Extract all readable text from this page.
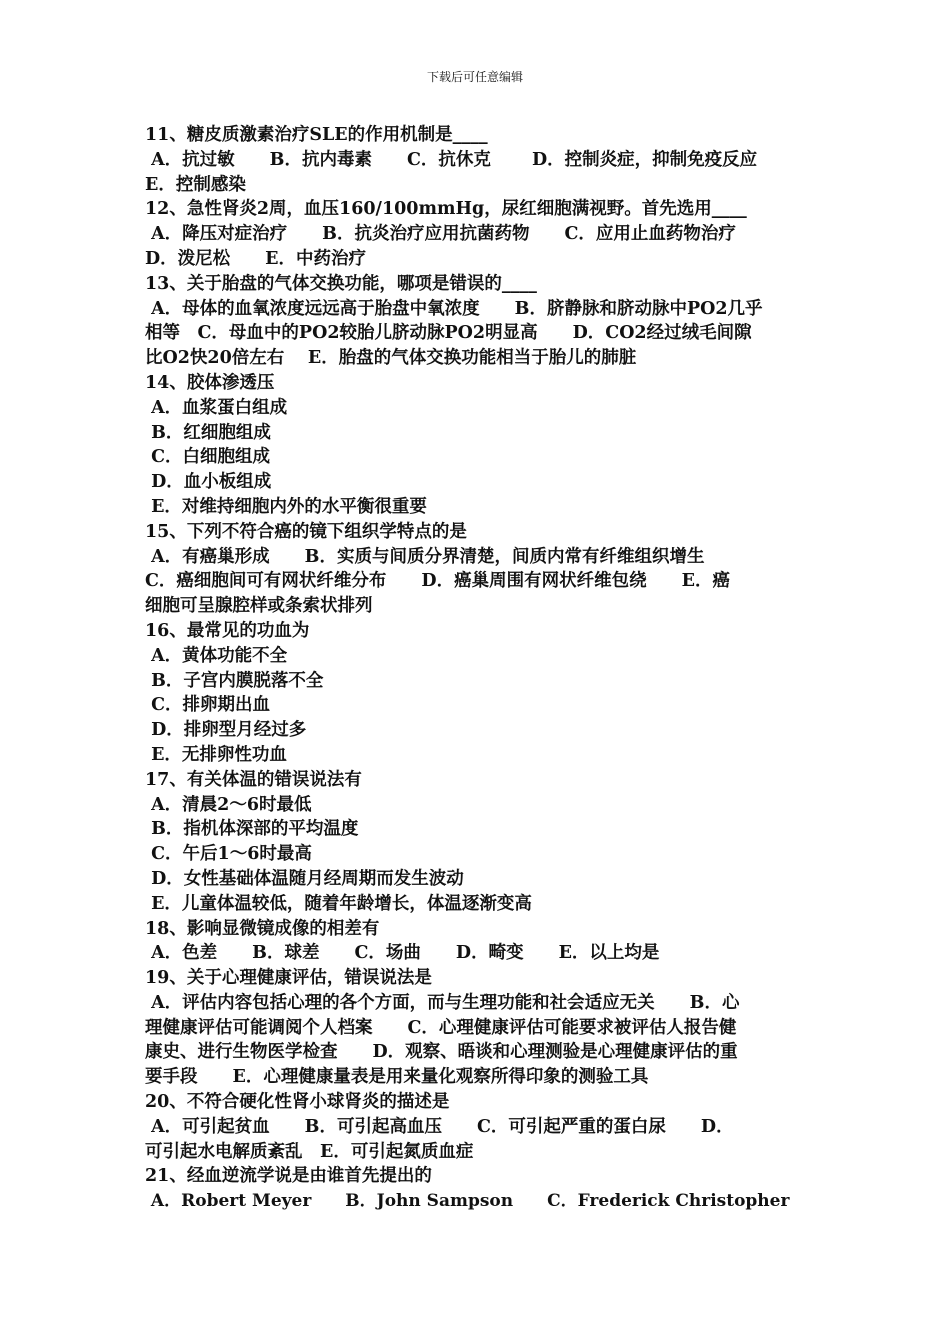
下载后可任意编辑
11、糖皮质激素治疗SLE的作用机制是____
A．抗过敏　　B．抗内毒素　　C．抗休克　　 D．控制炎症，抑制免疫反应
E．控制感染
12、急性肾炎2周，血压160/100mmHg，尿红细胞满视野。首先选用____
A．降压对症治疗　　B．抗炎治疗应用抗菌药物　　C．应用止血药物治疗
D．泼尼松　　E．中药治疗
13、关于胎盘的气体交换功能，哪项是错误的____
A．母体的血氧浓度远远高于胎盘中氧浓度　　B．脐静脉和脐动脉中PO2几乎
相等　C．母血中的PO2较胎儿脐动脉PO2明显高　　D．CO2经过绒毛间隙
比O2快20倍左右　 E．胎盘的气体交换功能相当于胎儿的肺脏
14、胶体渗透压
A．血浆蛋白组成
B．红细胞组成
C．白细胞组成
D．血小板组成
E．对维持细胞内外的水平衡很重要
15、下列不符合癌的镜下组织学特点的是
A．有癌巢形成　　B．实质与间质分界清楚，间质内常有纤维组织增生
C．癌细胞间可有网状纤维分布　　D．癌巢周围有网状纤维包绕　　E．癌
细胞可呈腺腔样或条索状排列
16、最常见的功血为
A．黄体功能不全
B．子宫内膜脱落不全
C．排卵期出血
D．排卵型月经过多
E．无排卵性功血
17、有关体温的错误说法有
A．清晨2～6时最低
B．指机体深部的平均温度
C．午后1～6时最高
D．女性基础体温随月经周期而发生波动
E．儿童体温较低，随着年龄增长，体温逐渐变高
18、影响显微镜成像的相差有
A．色差　　B．球差　　C．场曲　　D．畸变　　E．以上均是
19、关于心理健康评估，错误说法是
A．评估内容包括心理的各个方面，而与生理功能和社会适应无关　　B．心
理健康评估可能调阅个人档案　　C．心理健康评估可能要求被评估人报告健
康史、进行生物医学检查　　D．观察、晤谈和心理测验是心理健康评估的重
要手段　　E．心理健康量表是用来量化观察所得印象的测验工具
20、不符合硬化性肾小球肾炎的描述是
A．可引起贫血　　B．可引起高血压　　C．可引起严重的蛋白尿　　D．
可引起水电解质紊乱　E．可引起氮质血症
21、经血逆流学说是由谁首先提出的
A．Robert Meyer　　B．John Sampson　　C．Frederick Christopher
